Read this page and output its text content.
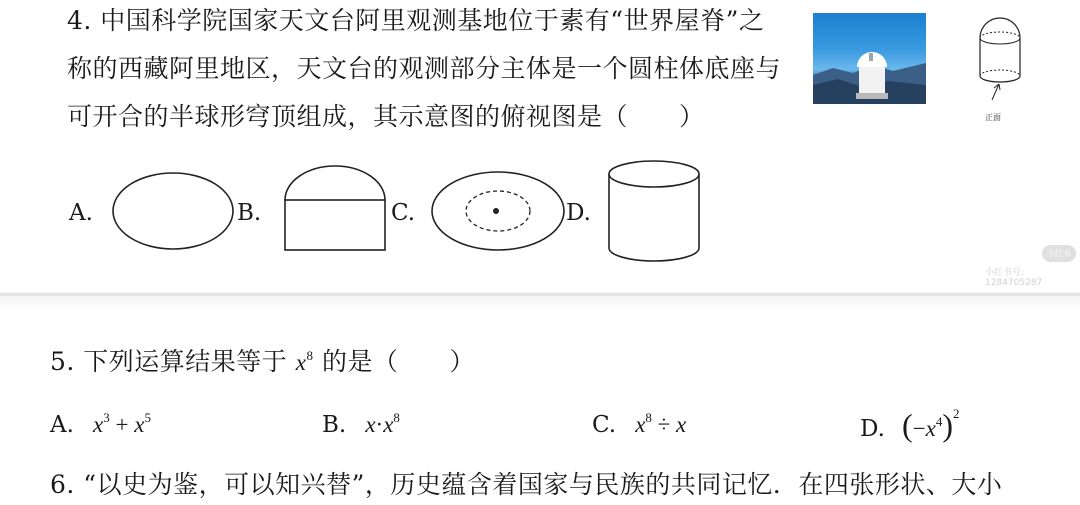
4. 中国科学院国家天文台阿里观测基地位于素有“世界屋脊”之
称的西藏阿里地区，天文台的观测部分主体是一个圆柱体底座与
可开合的半球形穹顶组成，其示意图的俯视图是（　　）	正面
A.	B.	C.	D.
小红书
小红书号: 1284705287
5. 下列运算结果等于 $x^8$ 的是（　　）
A. $x^3 + x^5$	B. $x\cdot x^8$	C. $x^8 \div x$	D. $(-x^4)^2$
6. “以史为鉴，可以知兴替”，历史蕴含着国家与民族的共同记忆．在四张形状、大小
